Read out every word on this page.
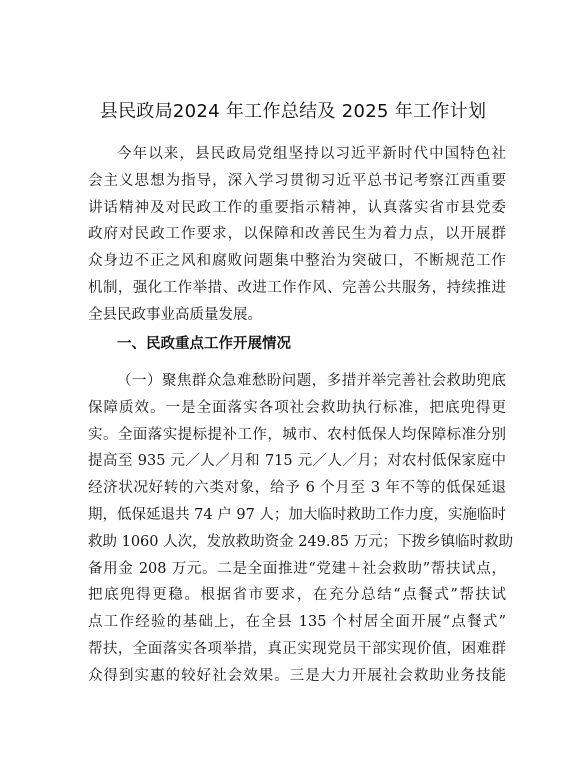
县民政局2024 年工作总结及 2025 年工作计划
今年以来，县民政局党组坚持以习近平新时代中国特色社
会主义思想为指导，深入学习贯彻习近平总书记考察江西重要
讲话精神及对民政工作的重要指示精神，认真落实省市县党委
政府对民政工作要求，以保障和改善民生为着力点，以开展群
众身边不正之风和腐败问题集中整治为突破口，不断规范工作
机制，强化工作举措、改进工作作风、完善公共服务，持续推进
全县民政事业高质量发展。
一、民政重点工作开展情况
（一）聚焦群众急难愁盼问题，多措并举完善社会救助兜底
保障质效。一是全面落实各项社会救助执行标准，把底兜得更
实。全面落实提标提补工作，城市、农村低保人均保障标准分别
提高至 935 元／人／月和 715 元／人／月；对农村低保家庭中
经济状况好转的六类对象，给予 6 个月至 3 年不等的低保延退
期，低保延退共 74 户 97 人；加大临时救助工作力度，实施临时
救助 1060 人次，发放救助资金 249.85 万元；下拨乡镇临时救助
备用金 208 万元。二是全面推进“党建＋社会救助”帮扶试点，
把底兜得更稳。根据省市要求，在充分总结“点餐式”帮扶试
点工作经验的基础上，在全县 135 个村居全面开展“点餐式”
帮扶，全面落实各项举措，真正实现党员干部实现价值，困难群
众得到实惠的较好社会效果。三是大力开展社会救助业务技能
